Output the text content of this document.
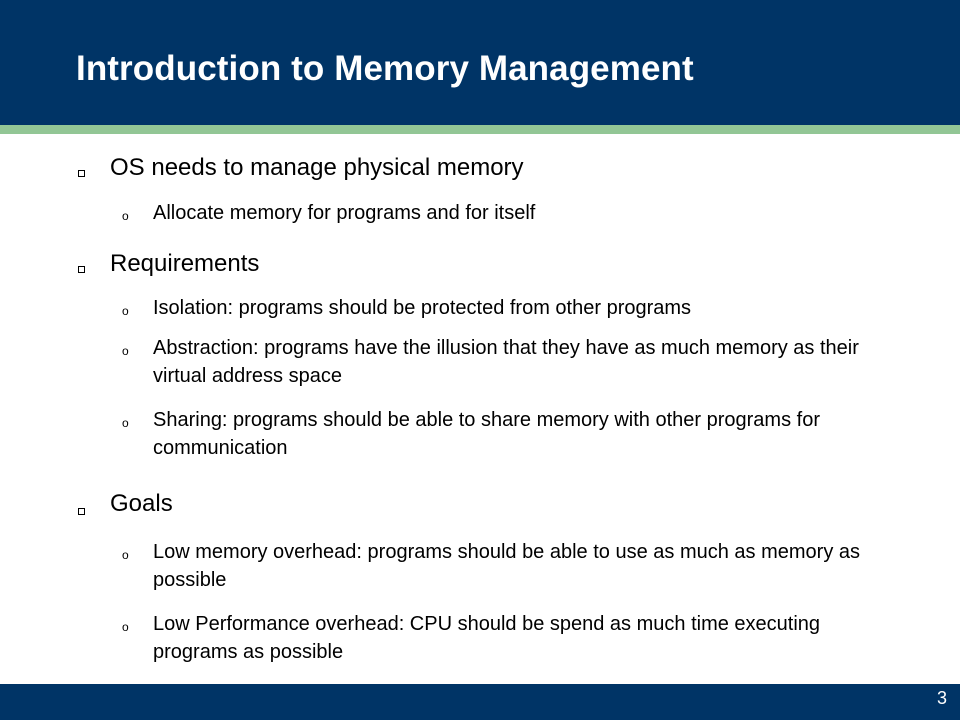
Introduction to Memory Management
OS needs to manage physical memory
o Allocate memory for programs and for itself
Requirements
o Isolation: programs should be protected from other programs
o Abstraction: programs have the illusion that they have as much memory as their virtual address space
o Sharing: programs should be able to share memory with other programs for communication
Goals
o Low memory overhead: programs should be able to use as much as memory as possible
o Low Performance overhead: CPU should be spend as much time executing programs as possible
3
